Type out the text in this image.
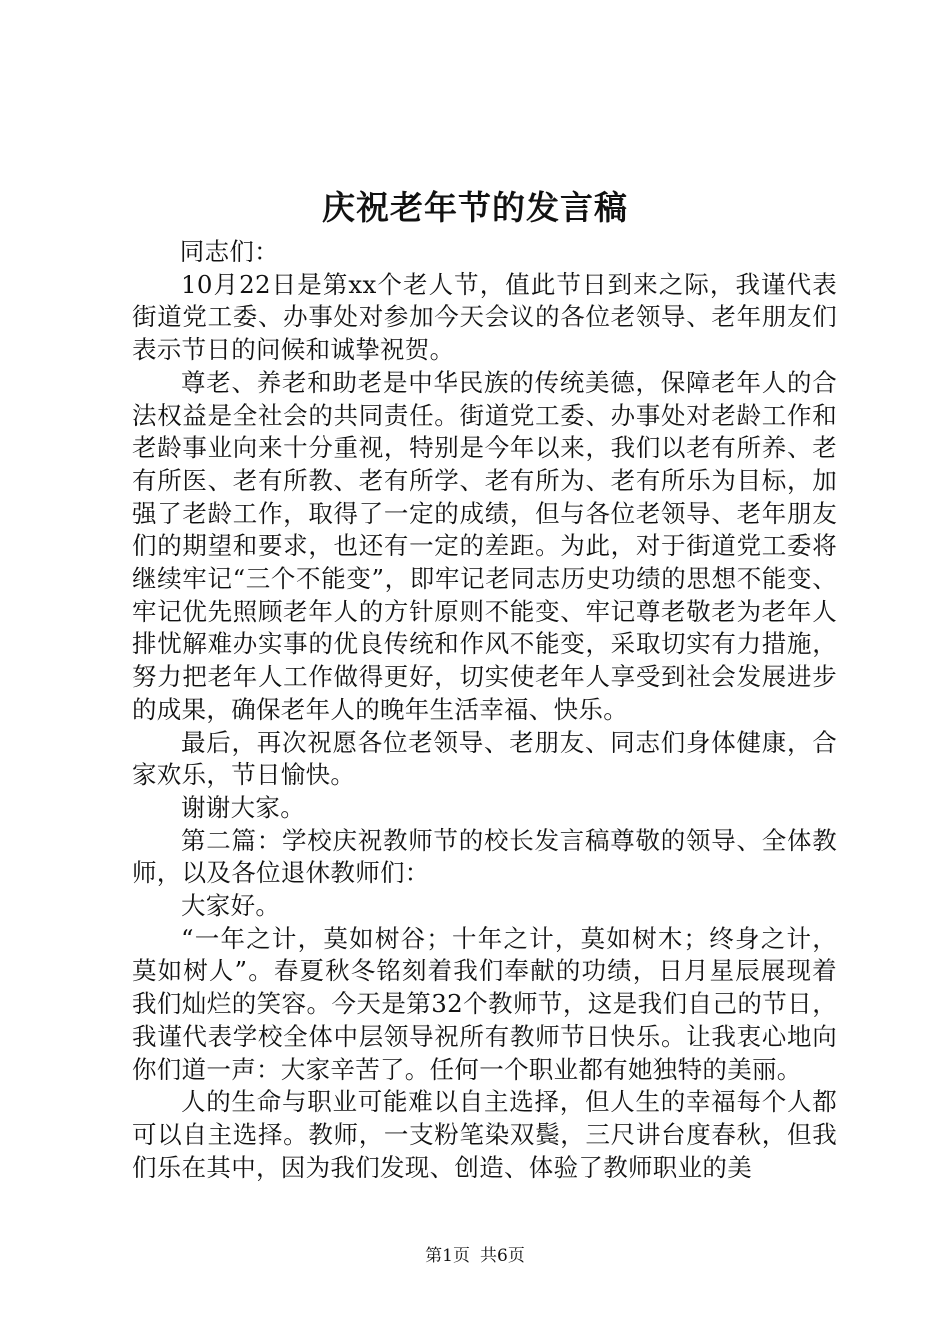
庆祝老年节的发言稿

同志们：

10月22日是第xx个老人节，值此节日到来之际，我谨代表街道党工委、办事处对参加今天会议的各位老领导、老年朋友们表示节日的问候和诚挚祝贺。

尊老、养老和助老是中华民族的传统美德，保障老年人的合法权益是全社会的共同责任。街道党工委、办事处对老龄工作和老龄事业向来十分重视，特别是今年以来，我们以老有所养、老有所医、老有所教、老有所学、老有所为、老有所乐为目标，加强了老龄工作，取得了一定的成绩，但与各位老领导、老年朋友们的期望和要求，也还有一定的差距。为此，对于街道党工委将继续牢记“三个不能变”，即牢记老同志历史功绩的思想不能变、牢记优先照顾老年人的方针原则不能变、牢记尊老敬老为老年人排忧解难办实事的优良传统和作风不能变，采取切实有力措施，努力把老年人工作做得更好，切实使老年人享受到社会发展进步的成果，确保老年人的晚年生活幸福、快乐。

最后，再次祝愿各位老领导、老朋友、同志们身体健康，合家欢乐，节日愉快。

谢谢大家。

第二篇：学校庆祝教师节的校长发言稿尊敬的领导、全体教师，以及各位退休教师们：

大家好。

“一年之计，莫如树谷；十年之计，莫如树木；终身之计，莫如树人”。春夏秋冬铭刻着我们奉献的功绩，日月星辰展现着我们灿烂的笑容。今天是第32个教师节，这是我们自己的节日，我谨代表学校全体中层领导祝所有教师节日快乐。让我衷心地向你们道一声：大家辛苦了。任何一个职业都有她独特的美丽。

人的生命与职业可能难以自主选择，但人生的幸福每个人都可以自主选择。教师，一支粉笔染双鬓，三尺讲台度春秋，但我们乐在其中，因为我们发现、创造、体验了教师职业的美

第1页 共6页
